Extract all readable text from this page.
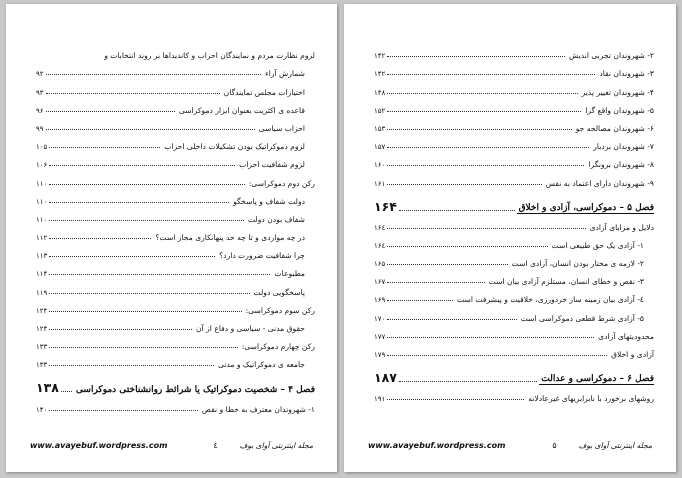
لزوم نظارت مردم و نمایندگان احزاب و کاندیداها بر روند انتخابات و
شمارش آراء
۹۲
اختیارات مجلس نمایندگان
۹۳
قاعده ی اکثریت بعنوان ابزار دموکراسی
۹۶
احزاب سیاسی
۹۹
لزوم دموکراتیک بودن تشکیلات داخلی احزاب
۱۰۵
لزوم شفافیت احزاب
۱۰۶
رکن دوم دموکراسی:
۱۱۰
دولت شفاف و پاسخگو
۱۱۰
شفاف بودن دولت
۱۱۰
در چه مواردی و تا چه حد پنهانکاری مجاز است؟
۱۱۲
چرا شفافیت ضرورت دارد؟
۱۱۳
مطبوعات
۱۱۴
پاسخگویی دولت
۱۱۹
رکن سوم دموکراسی:
۱۲۴
حقوق مدنی - سیاسی و دفاع از آن
۱۲۴
رکن چهارم دموکراسی:
۱۳۳
جامعه ی دموکراتیک و مدنی
۱۳۳
فصل ۴ – شخصیت دموکراتیک یا شرائط روانشناختی دموکراسی
۱۳۸
۱- شهروندان معترف به خطا و نقص
۱۴۰
www.avayebuf.wordpress.com	مجله اینترنتی آوای بوف
٤
۲- شهروندان تجربی اندیش
۱۴۲
۳- شهروندان نقاد
۱۴۲
۴- شهروندان تغییر پذیر
۱۴۸
۵- شهروندان واقع گرا
۱۵۲
۶- شهروندان مصالحه جو
۱۵۳
۷- شهروندان بردبار
۱۵۷
۸- شهروندان برونگرا
۱۶۰
۹- شهروندان دارای اعتماد به نفس
۱۶۱
فصل ۵ – دموکراسی، آزادی و اخلاق
۱۶۴
دلایل و مزایای آزادی
۱۶٤
۱- آزادی یک حق طبیعی است
۱۶٤
۲- لازمه ی مختار بودن انسان، آزادی است
۱۶۵
۳- نقص و خطای انسان، مستلزم آزادی بیان است
۱۶۷
٤- آزادی بیان زمینه ساز خردورزی، خلاقیت و پیشرفت است
۱۶۹
۵- آزادی شرط قطعی دموکراسی است
۱۷۰
محدودیتهای آزادی
۱۷۷
آزادی و اخلاق
۱۷۹
فصل ۶ – دموکراسی و عدالت
۱۸۷
روشهای برخورد با نابرابریهای غیرعادلانه
۱۹۱
www.avayebuf.wordpress.com	مجله اینترنتی آوای بوف
۵
